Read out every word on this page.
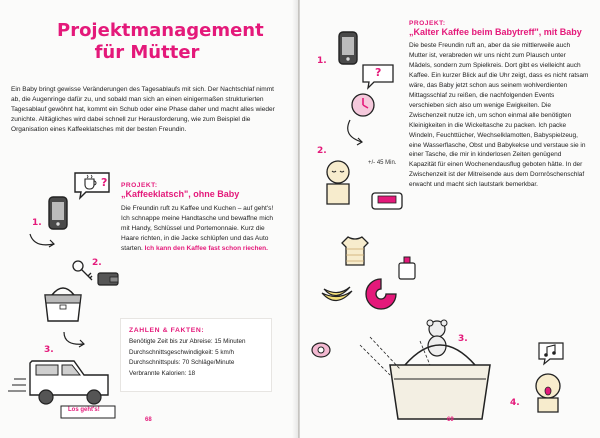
Projektmanagement
für Mütter
Ein Baby bringt gewisse Veränderungen des Tagesablaufs mit sich. Der Nachtschlaf nimmt ab, die Augenringe dafür zu, und sobald man sich an einen einigermaßen strukturierten Tagesablauf gewöhnt hat, kommt ein Schub oder eine Phase daher und macht alles wieder zunichte. Alltägliches wird dabei schnell zur Herausforderung, wie zum Beispiel die Organisation eines Kaffeeklatsches mit der besten Freundin.
PROJEKT:
„Kaffeeklatsch", ohne Baby
Die Freundin ruft zu Kaffee und Kuchen – auf geht's! Ich schnappe meine Handtasche und bewaffne mich mit Handy, Schlüssel und Portemonnaie. Kurz die Haare richten, in die Jacke schlüpfen und das Auto starten. Ich kann den Kaffee fast schon riechen.
ZAHLEN & FAKTEN:
Benötigte Zeit bis zur Abreise: 15 Minuten
Durchschnittsgeschwindigkeit: 5 km/h
Durchschnittspuls: 70 Schläge/Minute
Verbrannte Kalorien: 18
?
1.
2.
3.
Los geht's!
68
PROJEKT:
„Kalter Kaffee beim Babytreff", mit Baby
Die beste Freundin ruft an, aber da sie mittlerweile auch Mutter ist, verabreden wir uns nicht zum Plausch unter Mädels, sondern zum Spielkreis. Dort gibt es vielleicht auch Kaffee. Ein kurzer Blick auf die Uhr zeigt, dass es nicht ratsam wäre, das Baby jetzt schon aus seinem wohlverdienten Mittagsschlaf zu reißen, die nachfolgenden Events verschieben sich also um wenige Ewigkeiten. Die Zwischenzeit nutze ich, um schon einmal alle benötigten Kleinigkeiten in die Wickeltasche zu packen. Ich packe Windeln, Feuchttücher, Wechselklamotten, Babyspielzeug, eine Wasserflasche, Obst und Babykekse und verstaue sie in einer Tasche, die mir in kinderlosen Zeiten genügend Kapazität für einen Wochenendausflug geboten hätte. In der Zwischenzeit ist der Mitreisende aus dem Dornröschenschlaf erwacht und macht sich lautstark bemerkbar.
1.
?
2.
+/- 45 Min.
3.
4.
69
